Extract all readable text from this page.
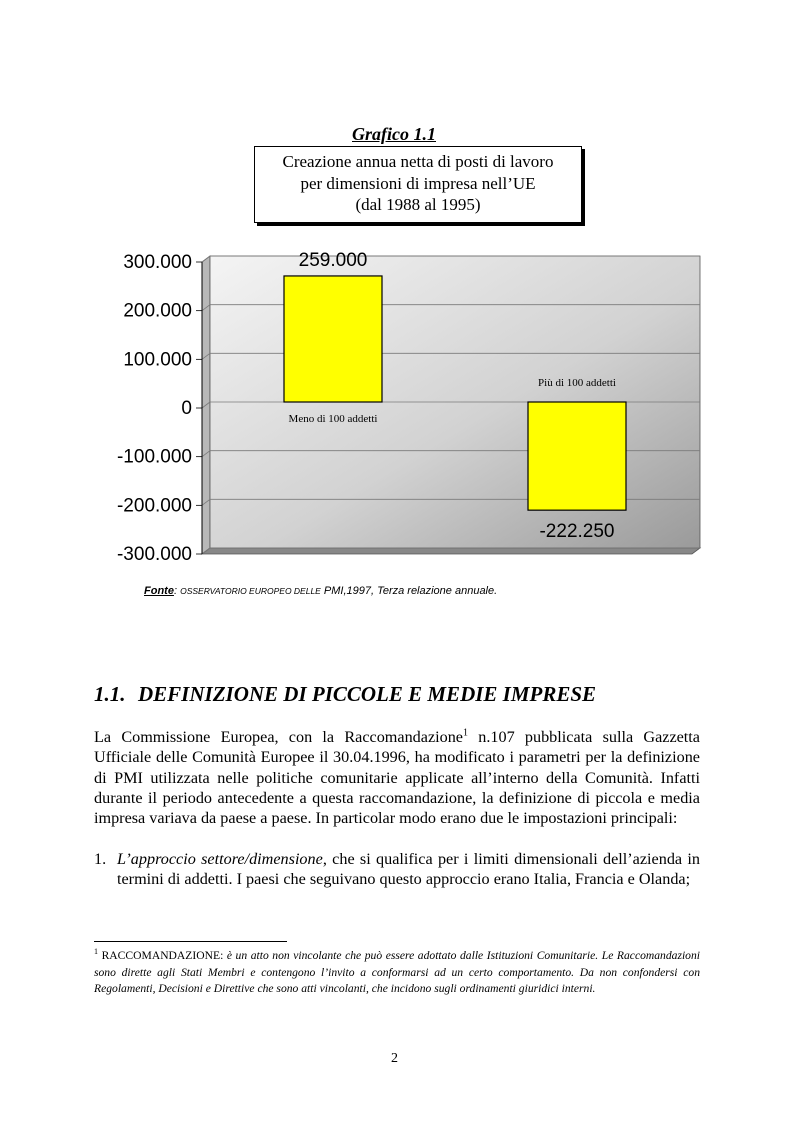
Grafico 1.1
Creazione annua netta di posti di lavoro
per dimensioni di impresa nell’UE
(dal 1988 al 1995)
300.000
200.000
100.000
0
-100.000
-200.000
-300.000
259.000
Meno di 100 addetti
-222.250
Più di 100 addetti
Fonte: OSSERVATORIO EUROPEO DELLE PMI,1997, Terza relazione annuale.
1.1. DEFINIZIONE DI PICCOLE E MEDIE IMPRESE

La Commissione Europea, con la Raccomandazione$^1$ n.107 pubblicata sulla Gazzetta Ufficiale delle Comunità Europee il 30.04.1996, ha modificato i parametri per la definizione di PMI utilizzata nelle politiche comunitarie applicate all’interno della Comunità. Infatti durante il periodo antecedente a questa raccomandazione, la definizione di piccola e media impresa variava da paese a paese. In particolar modo erano due le impostazioni principali:

1. L’approccio settore/dimensione, che si qualifica per i limiti dimensionali dell’azienda in termini di addetti. I paesi che seguivano questo approccio erano Italia, Francia e Olanda;
$^1$ RACCOMANDAZIONE: è un atto non vincolante che può essere adottato dalle Istituzioni Comunitarie. Le Raccomandazioni sono dirette agli Stati Membri e contengono l’invito a conformarsi ad un certo comportamento. Da non confondersi con Regolamenti, Decisioni e Direttive che sono atti vincolanti, che incidono sugli ordinamenti giuridici interni.
2
